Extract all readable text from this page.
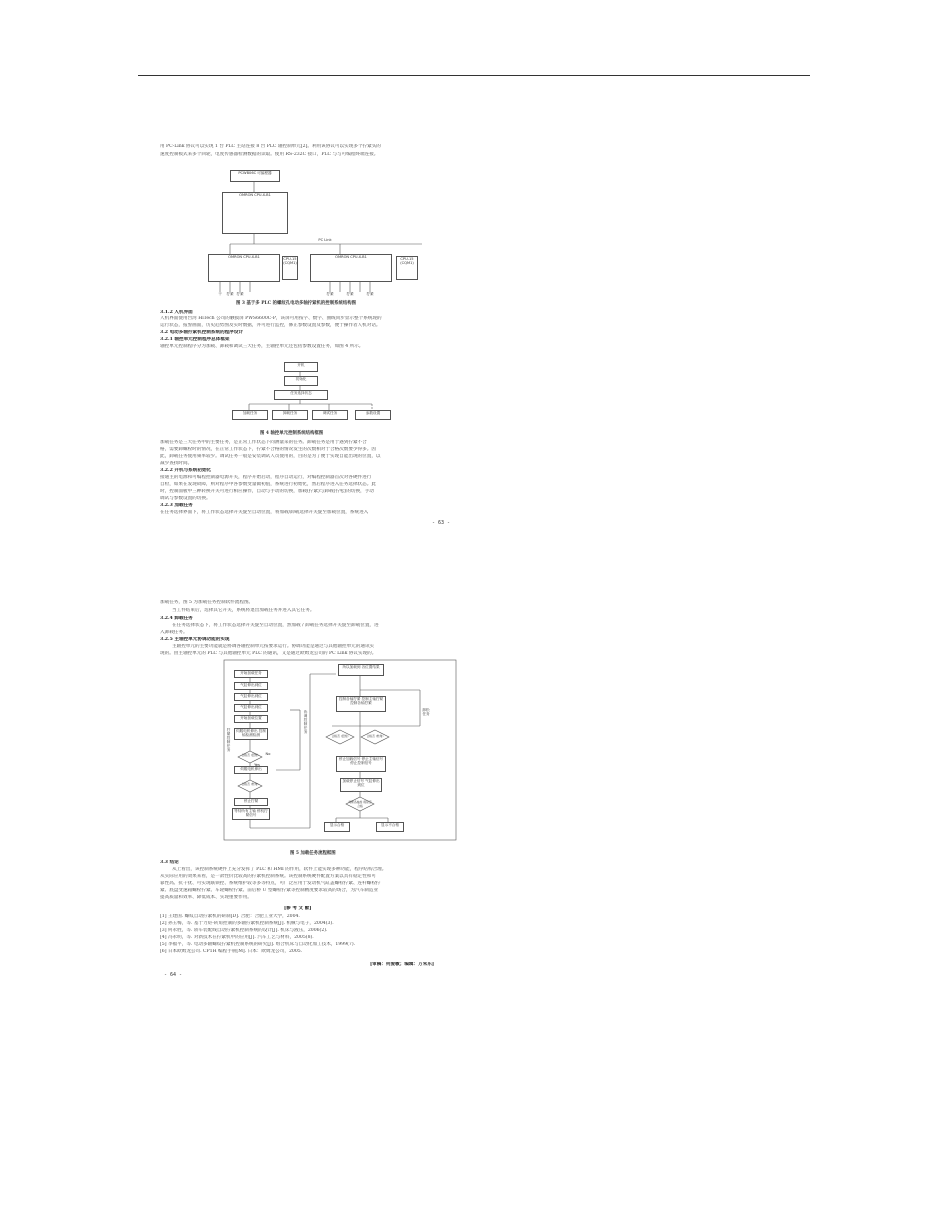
用 PC-Link 协议可以实现 1 台 PLC 主站连接 8 台 PLC 轴控制单元[2]。利用该协议可以实现多个拧紧头的
速度控制模式来多个回轮，电度传感器检测数据的读取。使用 RS-232C 接口，PLC 与与可编程终端连接。
PCWB06C 可编程器
OMRON CPU-X-B1
PC Link
OMRON CPU-X-B1	CPU-15 (CQM1)
OMRON CPU-X-B1	CPU-15 (CQM1)
干	拧紧 拧紧	拧紧	拧紧	拧紧
图 3 基于多 PLC 的螺纹孔电动多轴拧紧机的控制系统结构图
3.1.2 人机界面
人机界面使用台湾 HiTech 公司的触摸屏 PWS6600C-P，该屏可用按字、数字、曲线同步显示整个系统现的
运行状态，报警画面，历史趋势图及实时数据，并可进行监控，修正参数设置及参数，便于操作者人机对话。
3.2 电动多轴拧紧机控制系统的程序设计
3.2.1 轴控单元控制程序总体框架
轴控单元控制程序分为加载、卸载和调试三大任务，主轴控单元还包括参数设置任务，如图 4 所示。
开机
初始化
任务选择状态
加载任务	卸载任务	调试任务	参数设置
图 4 轴控单元控制系统结构框图
加载任务是三大任务中的主要任务，是正常工作状态下同测量采的任务。卸载任务是用于遇到拧紧不合
格，需要卸螺栓时的情况，在正常工作状态下，拧紧不合格的情况发生的次数相对于合格次数要少得多。因
此，卸载任务使用频率较少。调试任务一般是安装调试人员使用的，目的是为了便于实现自能出现的位置，以
减少查找时间。
3.2.2 开机与系统初始化
接通主的电源和可编程控制器电源开关，程序开始启动，程序自动运行，对编程控制器首次对各硬件进行
自检，如果在发现故障，则对程序中各参数变量做初值，系统进行初始化，然后程序进入任务选择状态。此
时，控制面板中三种转换开关可进行相应操作，自动与手动的切换，加载(拧紧)与卸载(拧松)的切换，手动
调试与参数设置的切换。
3.2.3 加载任务
在任务选择界面下，将工作状态选择开关旋至自动位置，将加载/卸载选择开关旋至加载位置，系统进入
- 63 -
加载任务，图 5 为加载任务控制软件流程图。
当工件结束后，选择其它开关，系统将退出加载任务并进入其它任务。
3.2.4 卸载任务
在任务选择状态下，将工作状态选择开关旋至自动位置，然加载 / 卸载任务选择开关旋至卸载位置，进
入卸载任务。
3.2.5 主轴控单元协调功能的实现
主轴控单元的主要功能就是协调各轴控制单元按要求运行。协调功能是通过与其他轴控单元的通讯实
现的。由主轴控单元的 PLC 与其他轴控单元 PLC 的通讯，又是通过欧姆龙公司的 PC Link 协议实现的。
开始加载任务
气缸伸出到位
气缸伸出到位
气缸伸出到位
开始加载位置
伺服电机伸出 控制轴检测检测
合格否 (扭矩)
伺服电机伸出
合格否 (转角)
停止拧紧
等待所有主轴 停机拧紧信号
拧紧控制任务
协调控制任务
卸松任务
所以加载到 各位置结果
控制各轴拧紧 控制主轴拧紧 控制各轴拧紧
合格否 (扭矩)	合格否 (转角)
停止加载信号 停止主轴信号 停止控制信号
加载停止信号 气缸伸出到位
判断各轴加 载是否合格
显示合格	显示不合格
Yes
No
图 5 加载任务流程框图
3.3 结论
从上看出，该控制系统硬件上充分发挥了 PLC 和 HMI 的作用，软件上能实现多种功能，程序结构合理。
从实际应用的效果来看，是一款性价比较高的拧紧机控制系统。该控制系统硬件配置方案以具有稳定性和可
靠性高、抗干扰、可实现联锁控、系统维护较等多等特点，可广泛应用于发动机气缸盖螺栓拧紧、连杆螺栓拧
紧、底盘变速箱螺栓拧紧、车轮螺栓拧紧、前后桥 U 型螺栓拧紧等控制精度要求较高的场合，为汽车制造业
提高质量和效率、降低成本、实现重要作用。
[参 考 文 献]
[1] 王建国. 螺纹自动拧紧机的研制[D]. 合肥：合肥工业大学，2004.
[2] 孙玉梅，等. 基于力矩-转角控制的多轴拧紧机控制系统[J]. 机械与电子，2004(3).
[3] 何永胜，等. 轿车装配线自动拧紧机控制系统的设计[J]. 机床与液压，2006(2).
[4] 冯永明，等. 对新技术在拧紧机中的应用[J]. 汽车工艺与材料，2005(8).
[5] 李福平，等. 电动多轴螺纹拧紧机控制系统的研究[J]. 组合机床与自动化加工技术，1999(7).
[6] 日本欧姆龙公司. CP1H 编程手册[M]. 日本：欧姆龙公司，2005.
[审稿：何爱敏；编辑：万朱乐]
- 64 -
